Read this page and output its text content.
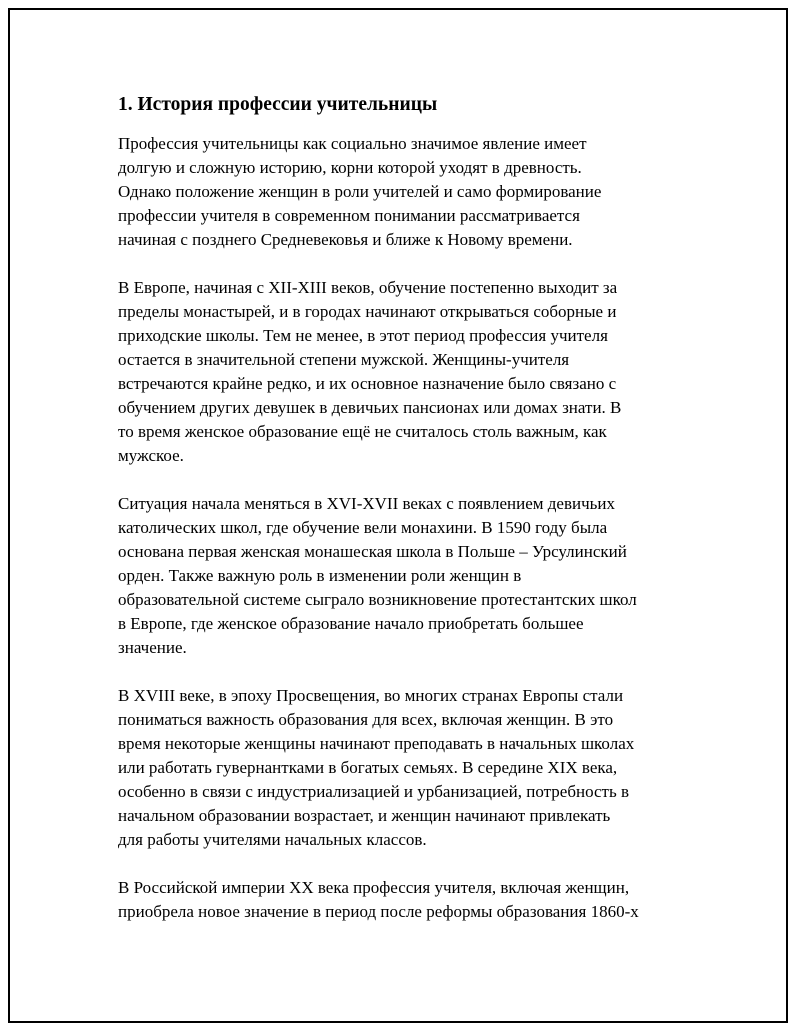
1. История профессии учительницы
Профессия учительницы как социально значимое явление имеет
долгую и сложную историю, корни которой уходят в древность.
Однако положение женщин в роли учителей и само формирование
профессии учителя в современном понимании рассматривается
начиная с позднего Средневековья и ближе к Новому времени.
В Европе, начиная с XII-XIII веков, обучение постепенно выходит за
пределы монастырей, и в городах начинают открываться соборные и
приходские школы. Тем не менее, в этот период профессия учителя
остается в значительной степени мужской. Женщины-учителя
встречаются крайне редко, и их основное назначение было связано с
обучением других девушек в девичьих пансионах или домах знати. В
то время женское образование ещё не считалось столь важным, как
мужское.
Ситуация начала меняться в XVI-XVII веках с появлением девичьих
католических школ, где обучение вели монахини. В 1590 году была
основана первая женская монашеская школа в Польше – Урсулинский
орден. Также важную роль в изменении роли женщин в
образовательной системе сыграло возникновение протестантских школ
в Европе, где женское образование начало приобретать большее
значение.
В XVIII веке, в эпоху Просвещения, во многих странах Европы стали
пониматься важность образования для всех, включая женщин. В это
время некоторые женщины начинают преподавать в начальных школах
или работать гувернантками в богатых семьях. В середине XIX века,
особенно в связи с индустриализацией и урбанизацией, потребность в
начальном образовании возрастает, и женщин начинают привлекать
для работы учителями начальных классов.
В Российской империи XX века профессия учителя, включая женщин,
приобрела новое значение в период после реформы образования 1860-х
